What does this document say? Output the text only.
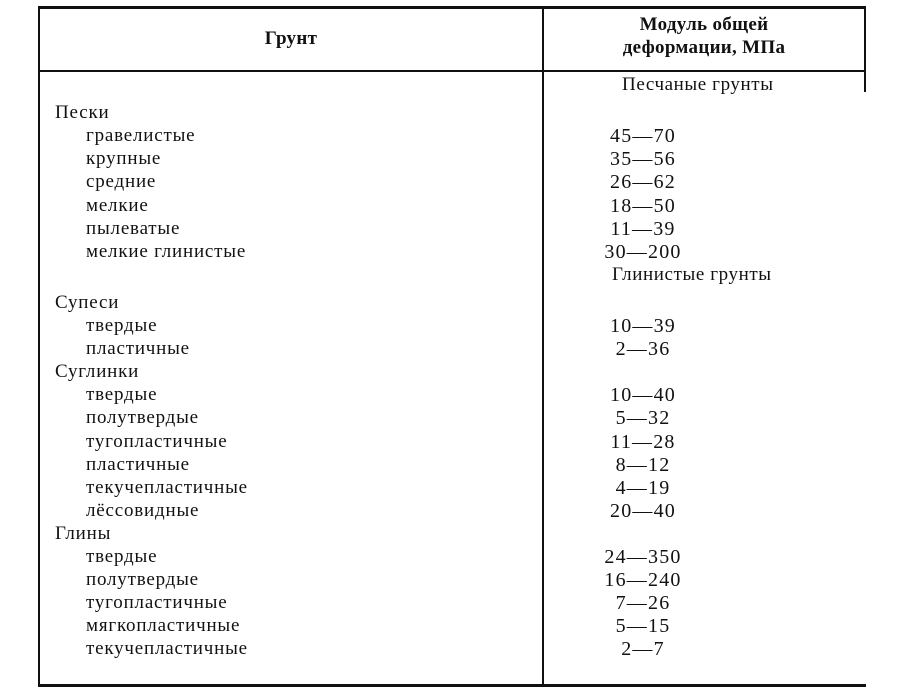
Грунт
Модуль общей
деформации, МПа
Песчаные грунты
Пески
гравелистые	45—70
крупные	35—56
средние	26—62
мелкие	18—50
пылеватые	11—39
мелкие глинистые	30—200
Глинистые грунты
Супеси
твердые	10—39
пластичные	2—36
Суглинки
твердые	10—40
полутвердые	5—32
тугопластичные	11—28
пластичные	8—12
текучепластичные	4—19
лёссовидные	20—40
Глины
твердые	24—350
полутвердые	16—240
тугопластичные	7—26
мягкопластичные	5—15
текучепластичные	2—7
